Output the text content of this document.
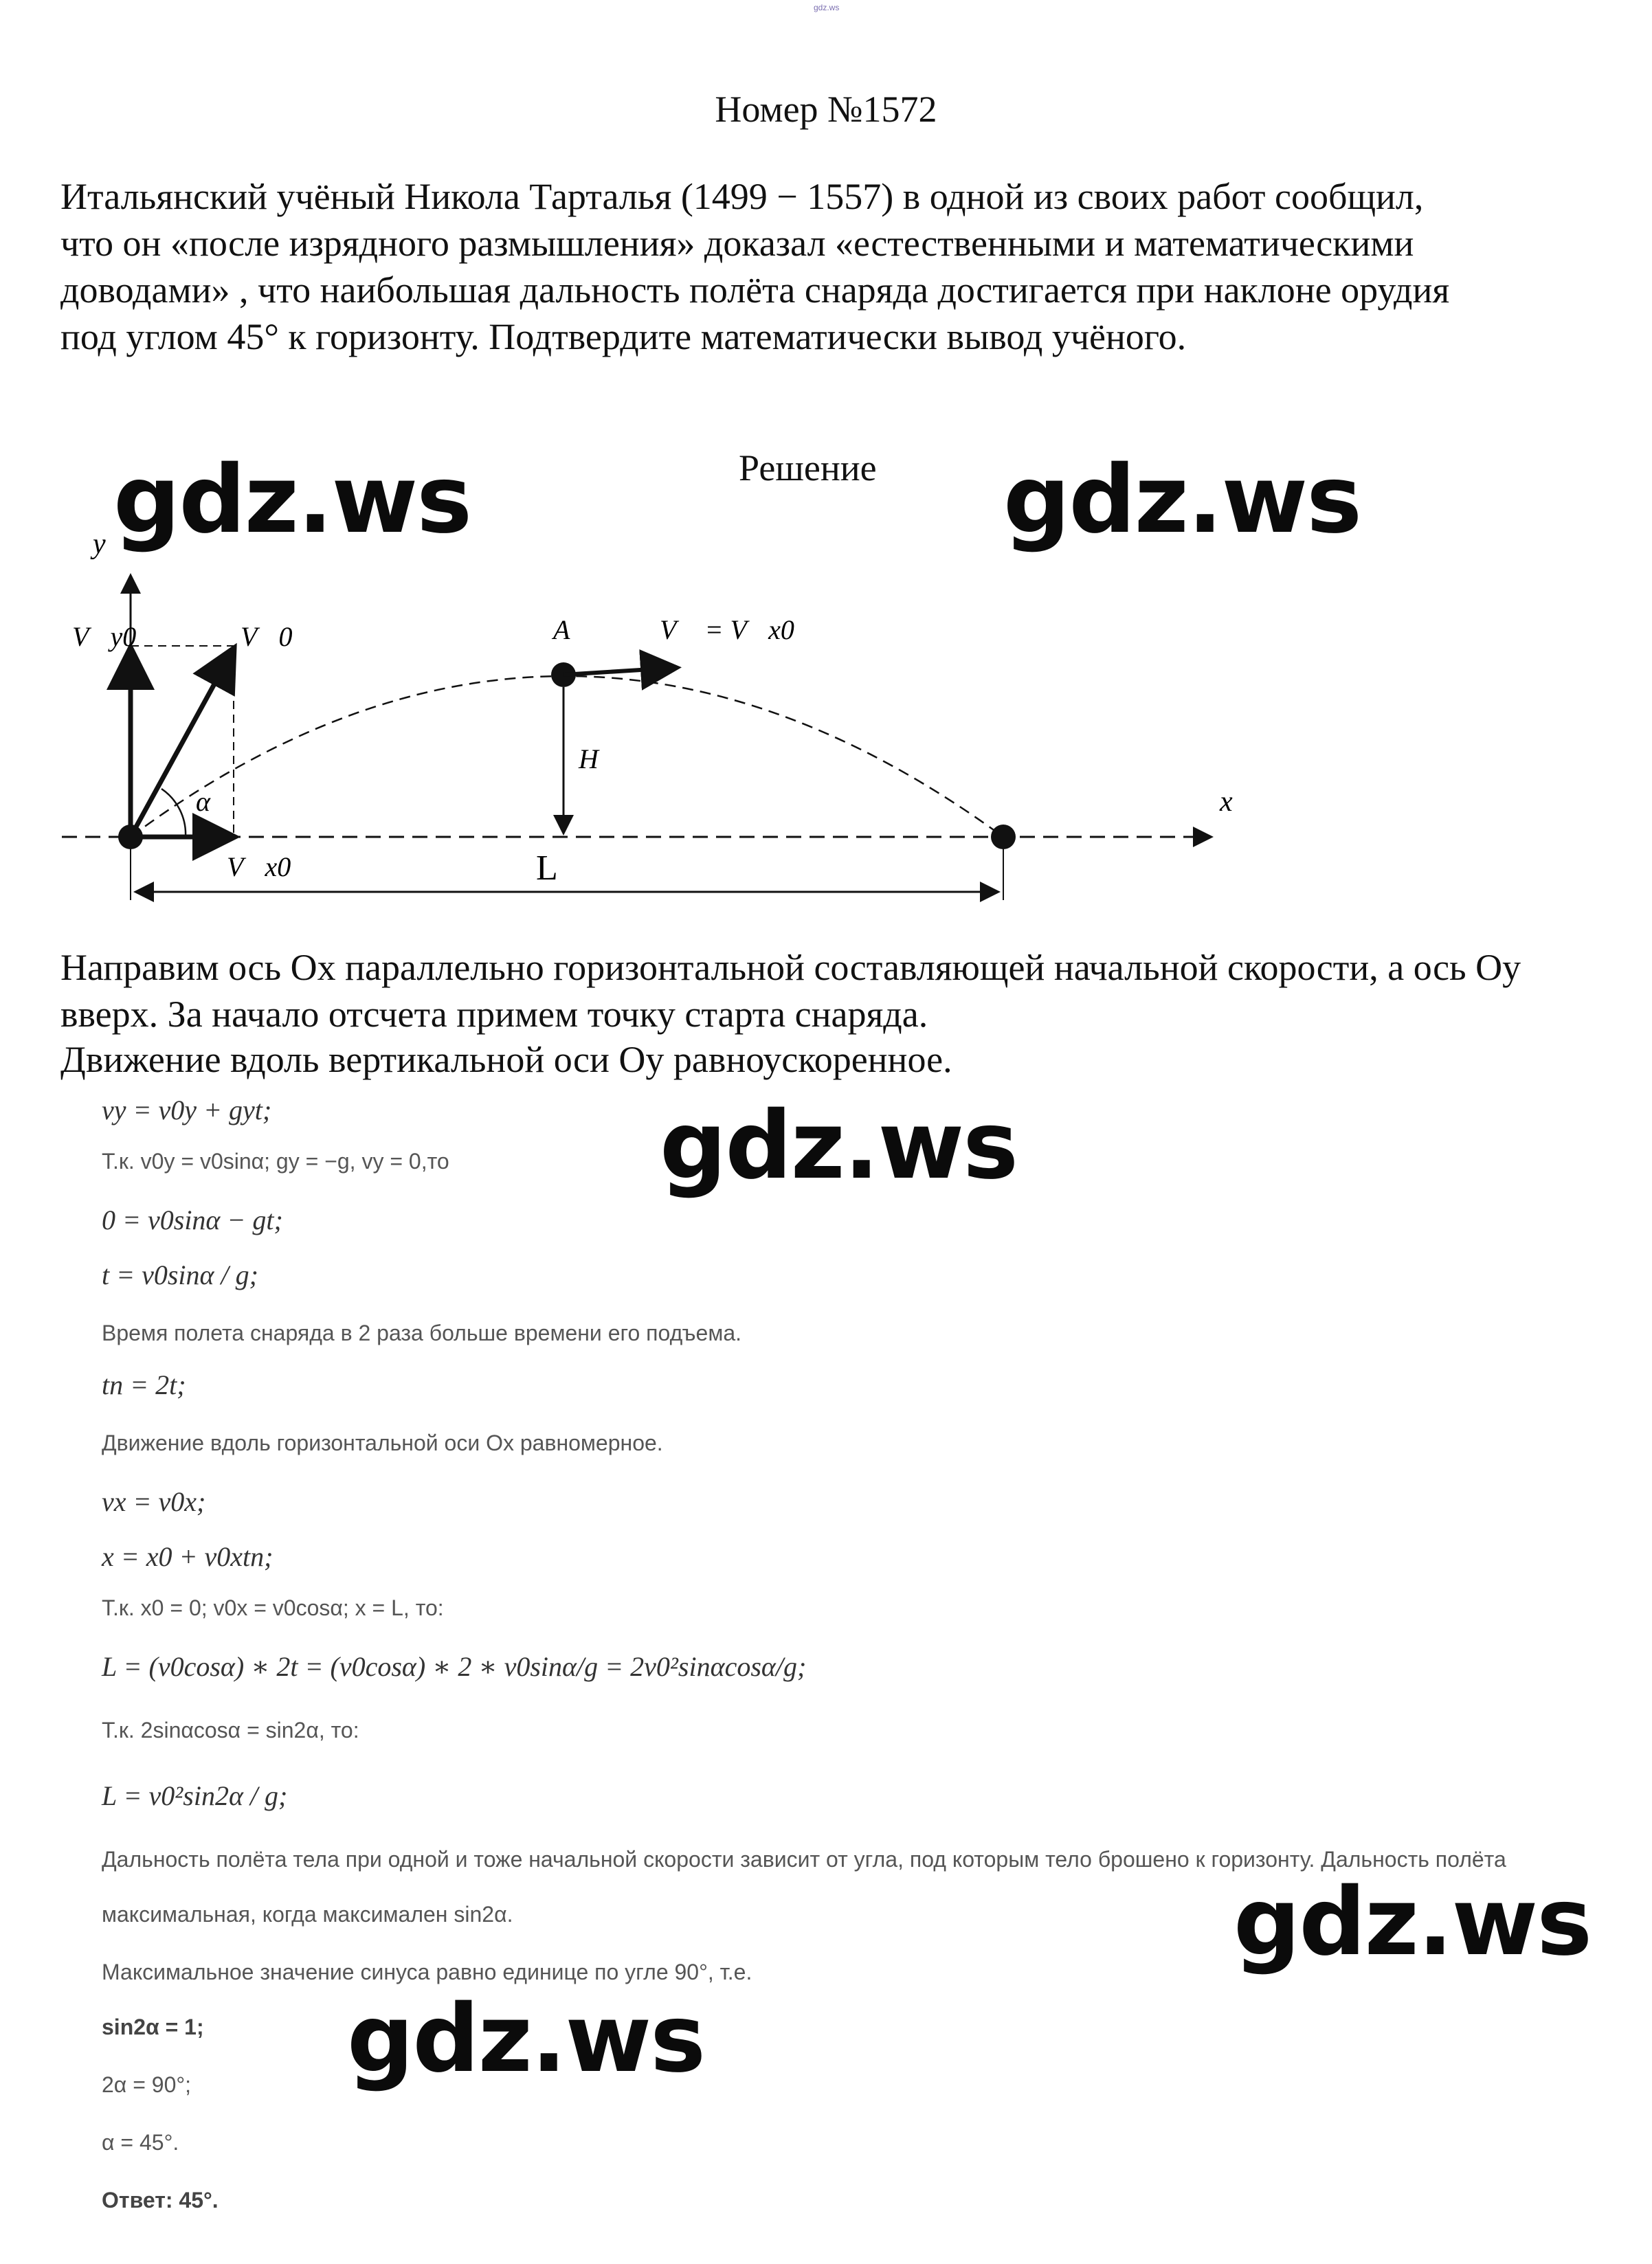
gdz.ws
Номер №1572

Итальянский учёный Никола Тарталья (1499 − 1557) в одной из своих работ сообщил, что он «после изрядного размышления» доказал «естественными и математическими доводами» , что наибольшая дальность полёта снаряда достигается при наклоне орудия под углом 45° к горизонту. Подтвердите математически вывод учёного.

Решение
y
x
V⃗y0	V⃗0	A	V⃗ = V⃗x0
H
α
V⃗x0	L
gdz.ws	gdz.ws
gdz.ws
gdz.ws
gdz.ws

Направим ось Ох параллельно горизонтальной составляющей начальной скорости, а ось Оу вверх. За начало отсчета примем точку старта снаряда.

Движение вдоль вертикальной оси Оу равноускоренное.

vy = v0y + gyt;
Т.к. v0y = v0sinα; gy = −g, vy = 0,то
0 = v0sinα − gt;
t = v0sinα / g;
Время полета снаряда в 2 раза больше времени его подъема.
tп = 2t;
Движение вдоль горизонтальной оси Ox равномерное.
vx = v0x;
x = x0 + v0xtп;
Т.к. x0 = 0; v0x = v0cosα; x = L, то:
L = (v0cosα) ∗ 2t = (v0cosα) ∗ 2 ∗ v0sinα/g = 2v0²sinαcosα/g;
Т.к. 2sinαcosα = sin2α, то:
L = v0²sin2α / g;
Дальность полёта тела при одной и тоже начальной скорости зависит от угла, под которым тело брошено к горизонту. Дальность полёта
максимальная, когда максимален sin2α.
Максимальное значение синуса равно единице по угле 90°, т.е.
sin2α = 1;
2α = 90°;
α = 45°.
Ответ: 45°.
